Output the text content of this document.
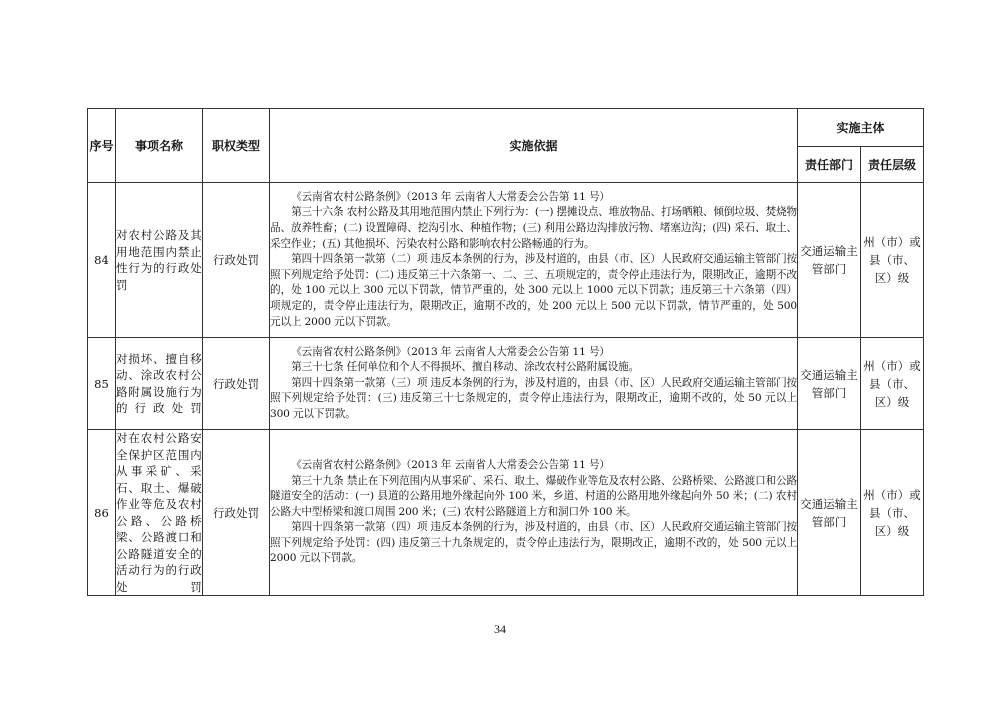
序号	事项名称	职权类型	实施依据	实施主体	
				责任部门	责任层级
84	对农村公路及其用地范围内禁止性行为的行政处罚	行政处罚	《云南省农村公路条例》（2013 年 云南省人大常委会公告第 11 号）

第三十六条 农村公路及其用地范围内禁止下列行为：(一) 摆摊设点、堆放物品、打场晒粮、倾倒垃圾、焚烧物品、放养牲畜；(二) 设置障碍、挖沟引水、种植作物；(三) 利用公路边沟排放污物、堵塞边沟；(四) 采石、取土、采空作业；(五) 其他损坏、污染农村公路和影响农村公路畅通的行为。

第四十四条第一款第（二）项 违反本条例的行为，涉及村道的，由县（市、区）人民政府交通运输主管部门按照下列规定给予处罚：(二) 违反第三十六条第一、二、三、五项规定的，责令停止违法行为，限期改正，逾期不改的，处 100 元以上 300 元以下罚款，情节严重的，处 300 元以上 1000 元以下罚款；违反第三十六条第（四）项规定的，责令停止违法行为，限期改正，逾期不改的，处 200 元以上 500 元以下罚款，情节严重的，处 500 元以上 2000 元以下罚款。	交通运输主管部门	州（市）或县（市、区）级
85	对损坏、擅自移动、涂改农村公路附属设施行为的行政处罚	行政处罚	《云南省农村公路条例》（2013 年 云南省人大常委会公告第 11 号）

第三十七条 任何单位和个人不得损坏、擅自移动、涂改农村公路附属设施。

第四十四条第一款第（三）项 违反本条例的行为，涉及村道的，由县（市、区）人民政府交通运输主管部门按照下列规定给予处罚：(三) 违反第三十七条规定的，责令停止违法行为，限期改正，逾期不改的，处 50 元以上 300 元以下罚款。	交通运输主管部门	州（市）或县（市、区）级
86	对在农村公路安全保护区范围内从事采矿、采石、取土、爆破作业等危及农村公路、公路桥梁、公路渡口和公路隧道安全的活动行为的行政处罚	行政处罚	《云南省农村公路条例》（2013 年 云南省人大常委会公告第 11 号）

第三十九条 禁止在下列范围内从事采矿、采石、取土、爆破作业等危及农村公路、公路桥梁、公路渡口和公路隧道安全的活动：(一) 县道的公路用地外缘起向外 100 米，乡道、村道的公路用地外缘起向外 50 米；(二) 农村公路大中型桥梁和渡口周围 200 米；(三) 农村公路隧道上方和洞口外 100 米。

第四十四条第一款第（四）项 违反本条例的行为，涉及村道的，由县（市、区）人民政府交通运输主管部门按照下列规定给予处罚：(四) 违反第三十九条规定的，责令停止违法行为，限期改正，逾期不改的，处 500 元以上 2000 元以下罚款。	交通运输主管部门	州（市）或县（市、区）级
34
